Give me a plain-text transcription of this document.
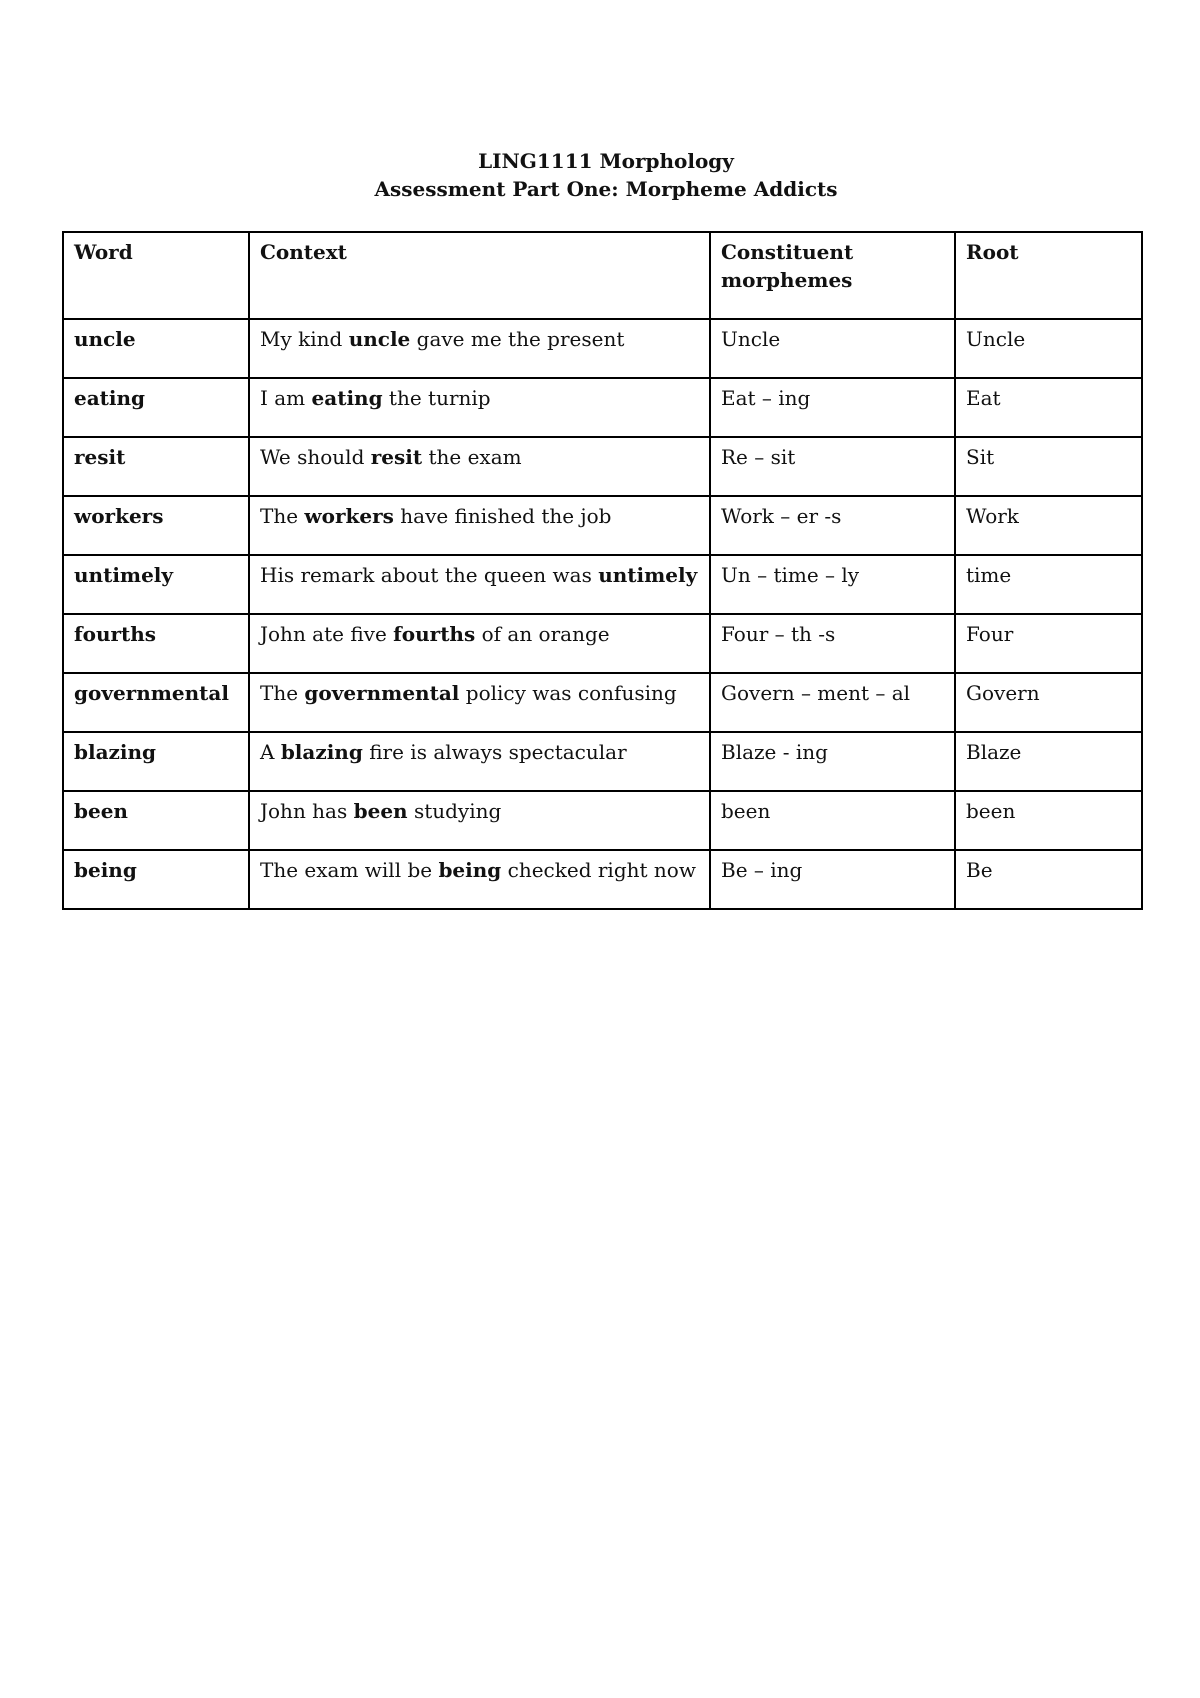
LING1111 Morphology
Assessment Part One: Morpheme Addicts
Word	Context	Constituent morphemes	Root
uncle	My kind uncle gave me the present	Uncle	Uncle
eating	I am eating the turnip	Eat – ing	Eat
resit	We should resit the exam	Re – sit	Sit
workers	The workers have finished the job	Work – er -s	Work
untimely	His remark about the queen was untimely	Un – time – ly	time
fourths	John ate five fourths of an orange	Four – th -s	Four
governmental	The governmental policy was confusing	Govern – ment – al	Govern
blazing	A blazing fire is always spectacular	Blaze - ing	Blaze
been	John has been studying	been	been
being	The exam will be being checked right now	Be – ing	Be
